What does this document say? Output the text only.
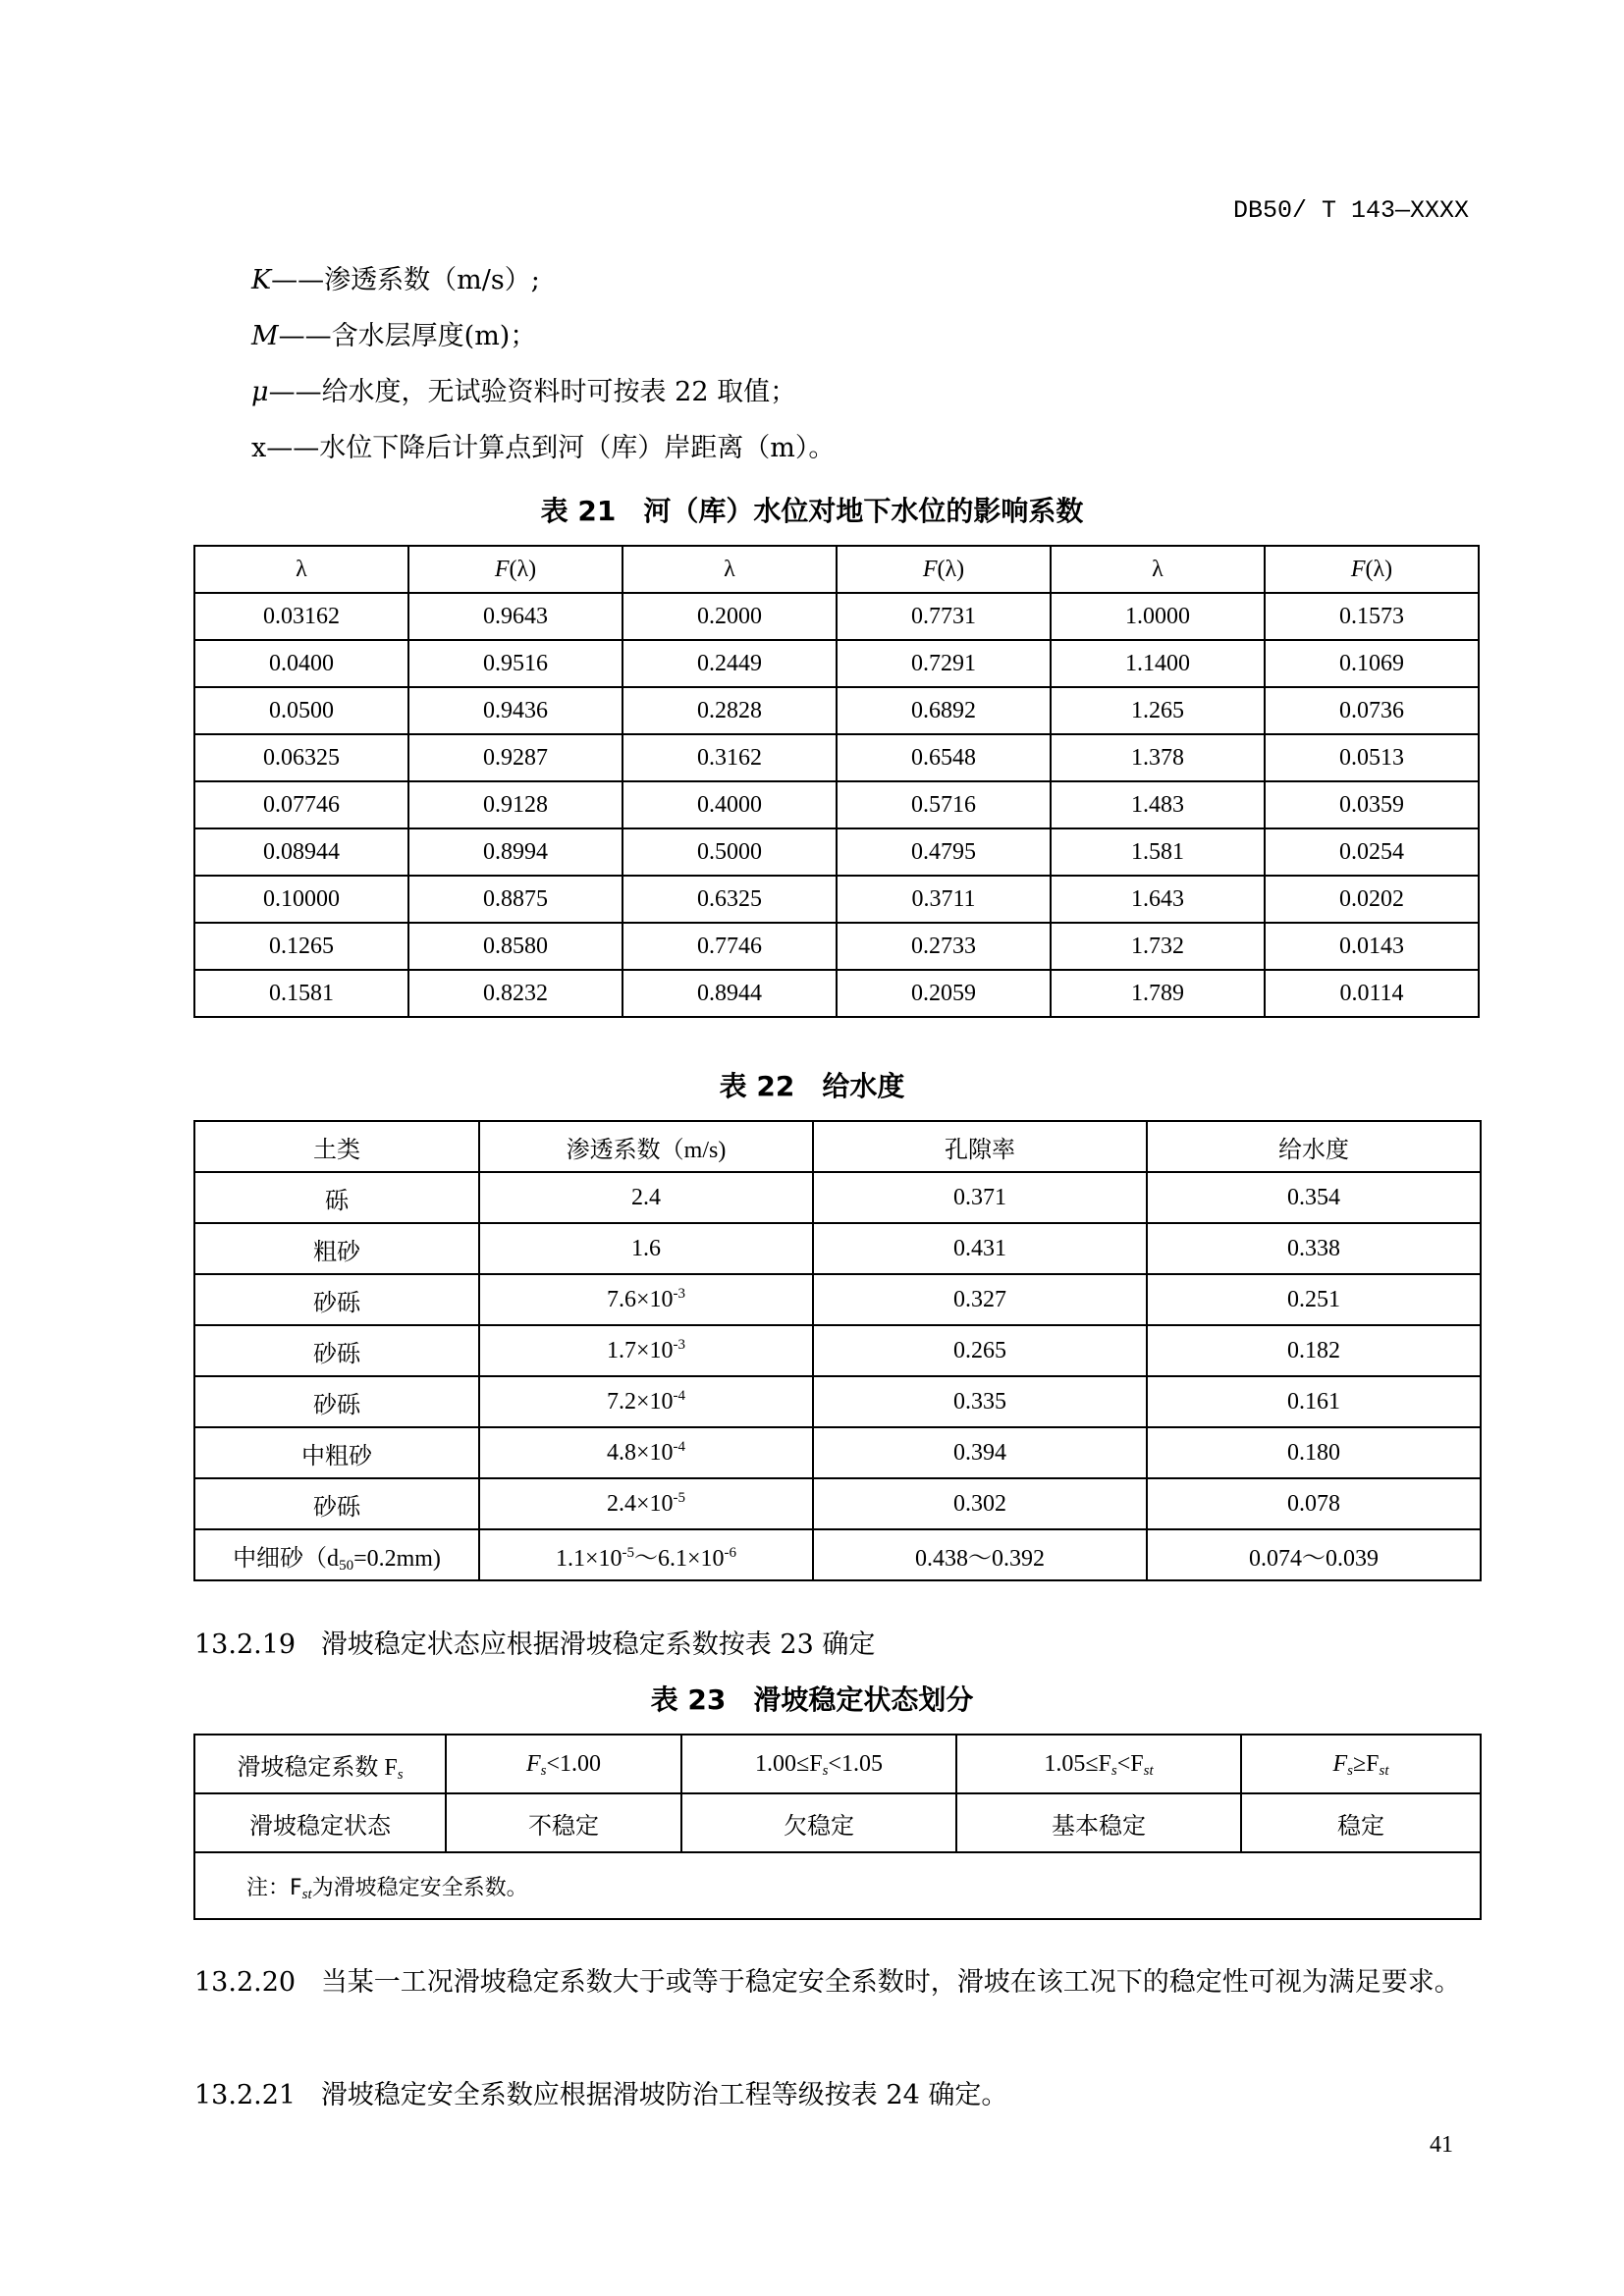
DB50/ T 143—XXXX
K——渗透系数（m/s）;
M——含水层厚度(m)；
μ——给水度，无试验资料时可按表 22 取值；
x——水位下降后计算点到河（库）岸距离（m）。
表 21　河（库）水位对地下水位的影响系数
λ	F(λ)	λ	F(λ)	λ	F(λ)
0.03162	0.9643	0.2000	0.7731	1.0000	0.1573
0.0400	0.9516	0.2449	0.7291	1.1400	0.1069
0.0500	0.9436	0.2828	0.6892	1.265	0.0736
0.06325	0.9287	0.3162	0.6548	1.378	0.0513
0.07746	0.9128	0.4000	0.5716	1.483	0.0359
0.08944	0.8994	0.5000	0.4795	1.581	0.0254
0.10000	0.8875	0.6325	0.3711	1.643	0.0202
0.1265	0.8580	0.7746	0.2733	1.732	0.0143
0.1581	0.8232	0.8944	0.2059	1.789	0.0114
表 22　给水度
土类	渗透系数（m/s)	孔隙率	给水度
砾	2.4	0.371	0.354
粗砂	1.6	0.431	0.338
砂砾	$7.6\times 10^{-3}$	0.327	0.251
砂砾	$1.7\times 10^{-3}$	0.265	0.182
砂砾	$7.2\times 10^{-4}$	0.335	0.161
中粗砂	$4.8\times 10^{-4}$	0.394	0.180
砂砾	$2.4\times 10^{-5}$	0.302	0.078
中细砂$(d_{50}=0.2mm)$	$1.1\times 10^{-5}\sim 6.1\times 10^{-6}$	0.438～0.392	0.074～0.039
13.2.19 滑坡稳定状态应根据滑坡稳定系数按表 23 确定
表 23　滑坡稳定状态划分
滑坡稳定系数 $F_s$	$F_s<1.00$	$1.00\le F_s<1.05$	$1.05\le F_s<F_{st}$	$F_s\ge F_{st}$
滑坡稳定状态	不稳定	欠稳定	基本稳定	稳定
注：$F_{st}$为滑坡稳定安全系数。				
13.2.20 当某一工况滑坡稳定系数大于或等于稳定安全系数时，滑坡在该工况下的稳定性可视为满足要求。
13.2.21 滑坡稳定安全系数应根据滑坡防治工程等级按表 24 确定。
41
